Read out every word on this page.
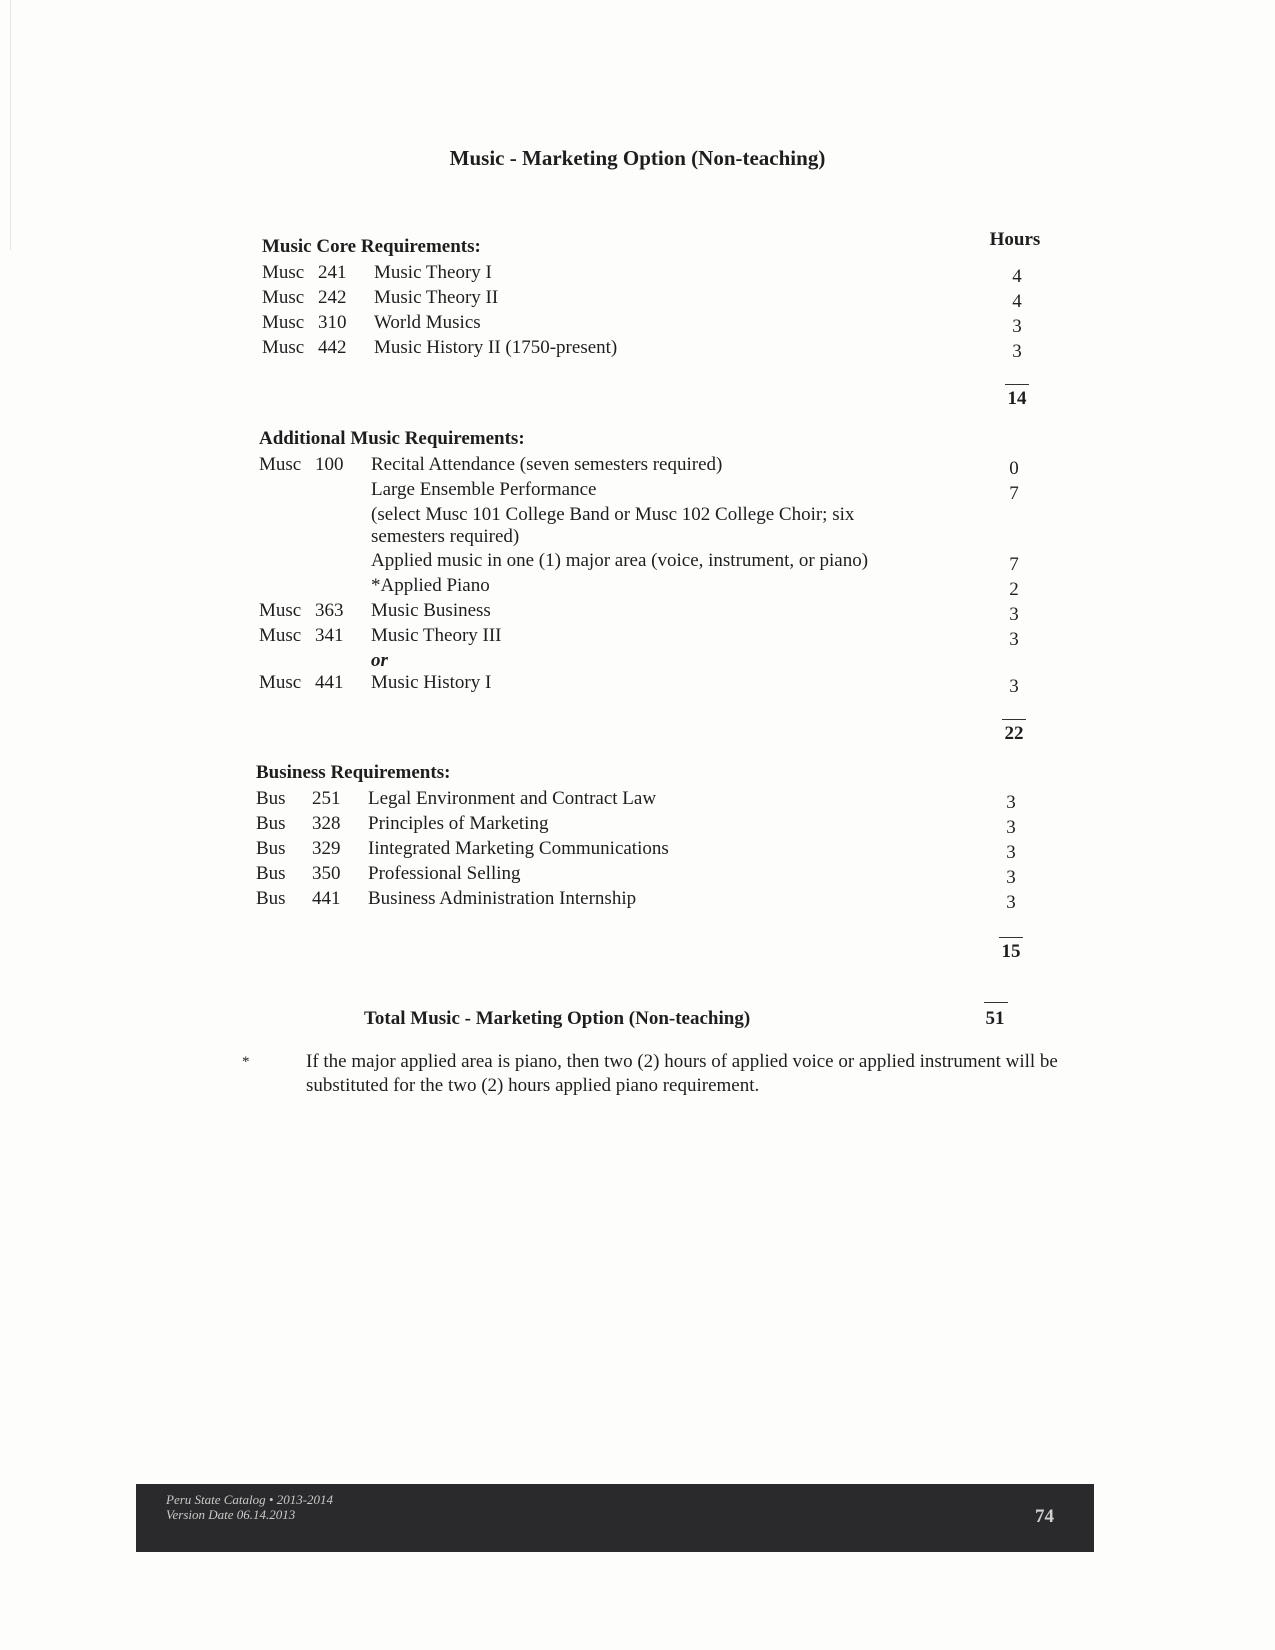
Music - Marketing Option (Non-teaching)
Hours
Music Core Requirements:
Musc 241 Music Theory I	4
Musc 242 Music Theory II	4
Musc 310 World Musics	3
Musc 442 Music History II (1750-present)	3
14
Additional Music Requirements:
Musc 100 Recital Attendance (seven semesters required)	0
Large Ensemble Performance	7
(select Musc 101 College Band or Musc 102 College Choir; six semesters required)
Applied music in one (1) major area (voice, instrument, or piano)	7
*Applied Piano	2
Musc 363 Music Business	3
Musc 341 Music Theory III	3
or
Musc 441 Music History I	3
22
Business Requirements:
Bus 251 Legal Environment and Contract Law	3
Bus 328 Principles of Marketing	3
Bus 329 Iintegrated Marketing Communications	3
Bus 350 Professional Selling	3
Bus 441 Business Administration Internship	3
15
Total Music - Marketing Option (Non-teaching)	51
*	If the major applied area is piano, then two (2) hours of applied voice or applied instrument will be substituted for the two (2) hours applied piano requirement.
Peru State Catalog • 2013-2014
Version Date 06.14.2013	74
